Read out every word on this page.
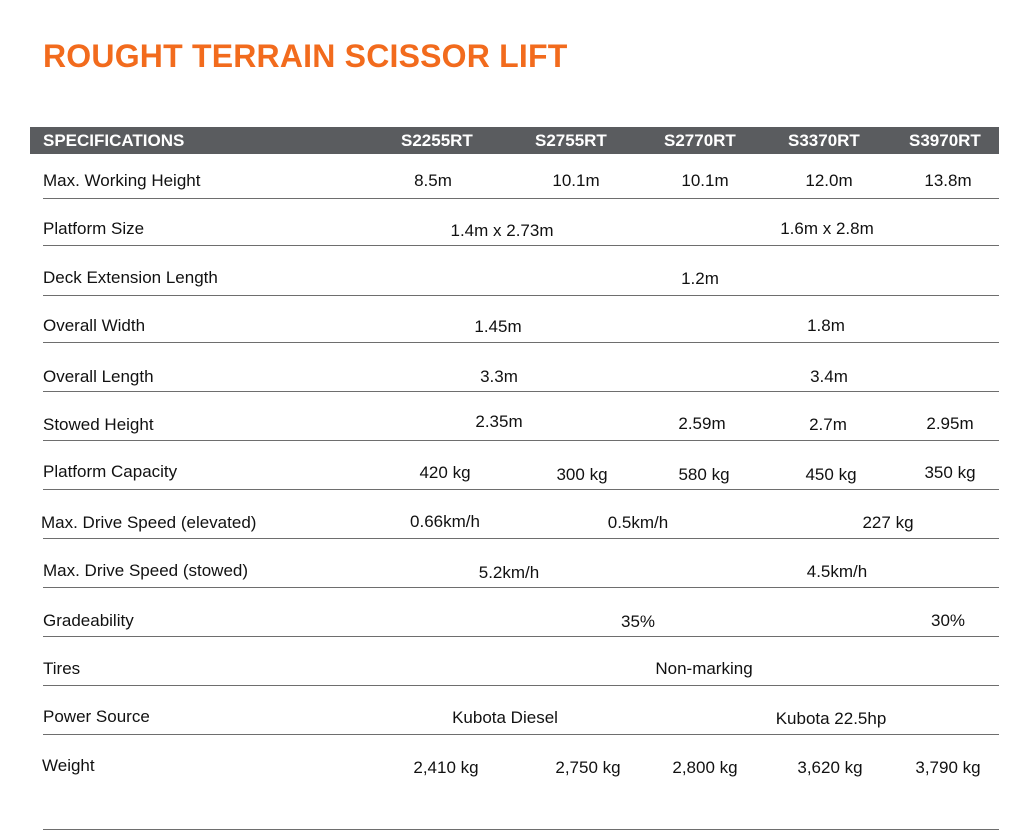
ROUGHT TERRAIN SCISSOR LIFT
SPECIFICATIONS	S2255RT	S2755RT	S2770RT	S3370RT	S3970RT
Max. Working Height	8.5m	10.1m	10.1m	12.0m	13.8m
Platform Size	1.4m x 2.73m	1.6m x 2.8m
Deck Extension Length	1.2m
Overall Width	1.45m	1.8m
Overall Length	3.3m	3.4m
Stowed Height	2.35m	2.59m	2.7m	2.95m
Platform Capacity	420 kg	300 kg	580 kg	450 kg	350 kg
Max. Drive Speed (elevated)	0.66km/h	0.5km/h	227 kg
Max. Drive Speed (stowed)	5.2km/h	4.5km/h
Gradeability	35%	30%
Tires	Non-marking
Power Source	Kubota Diesel	Kubota 22.5hp
Weight	2,410 kg	2,750 kg	2,800 kg	3,620 kg	3,790 kg
